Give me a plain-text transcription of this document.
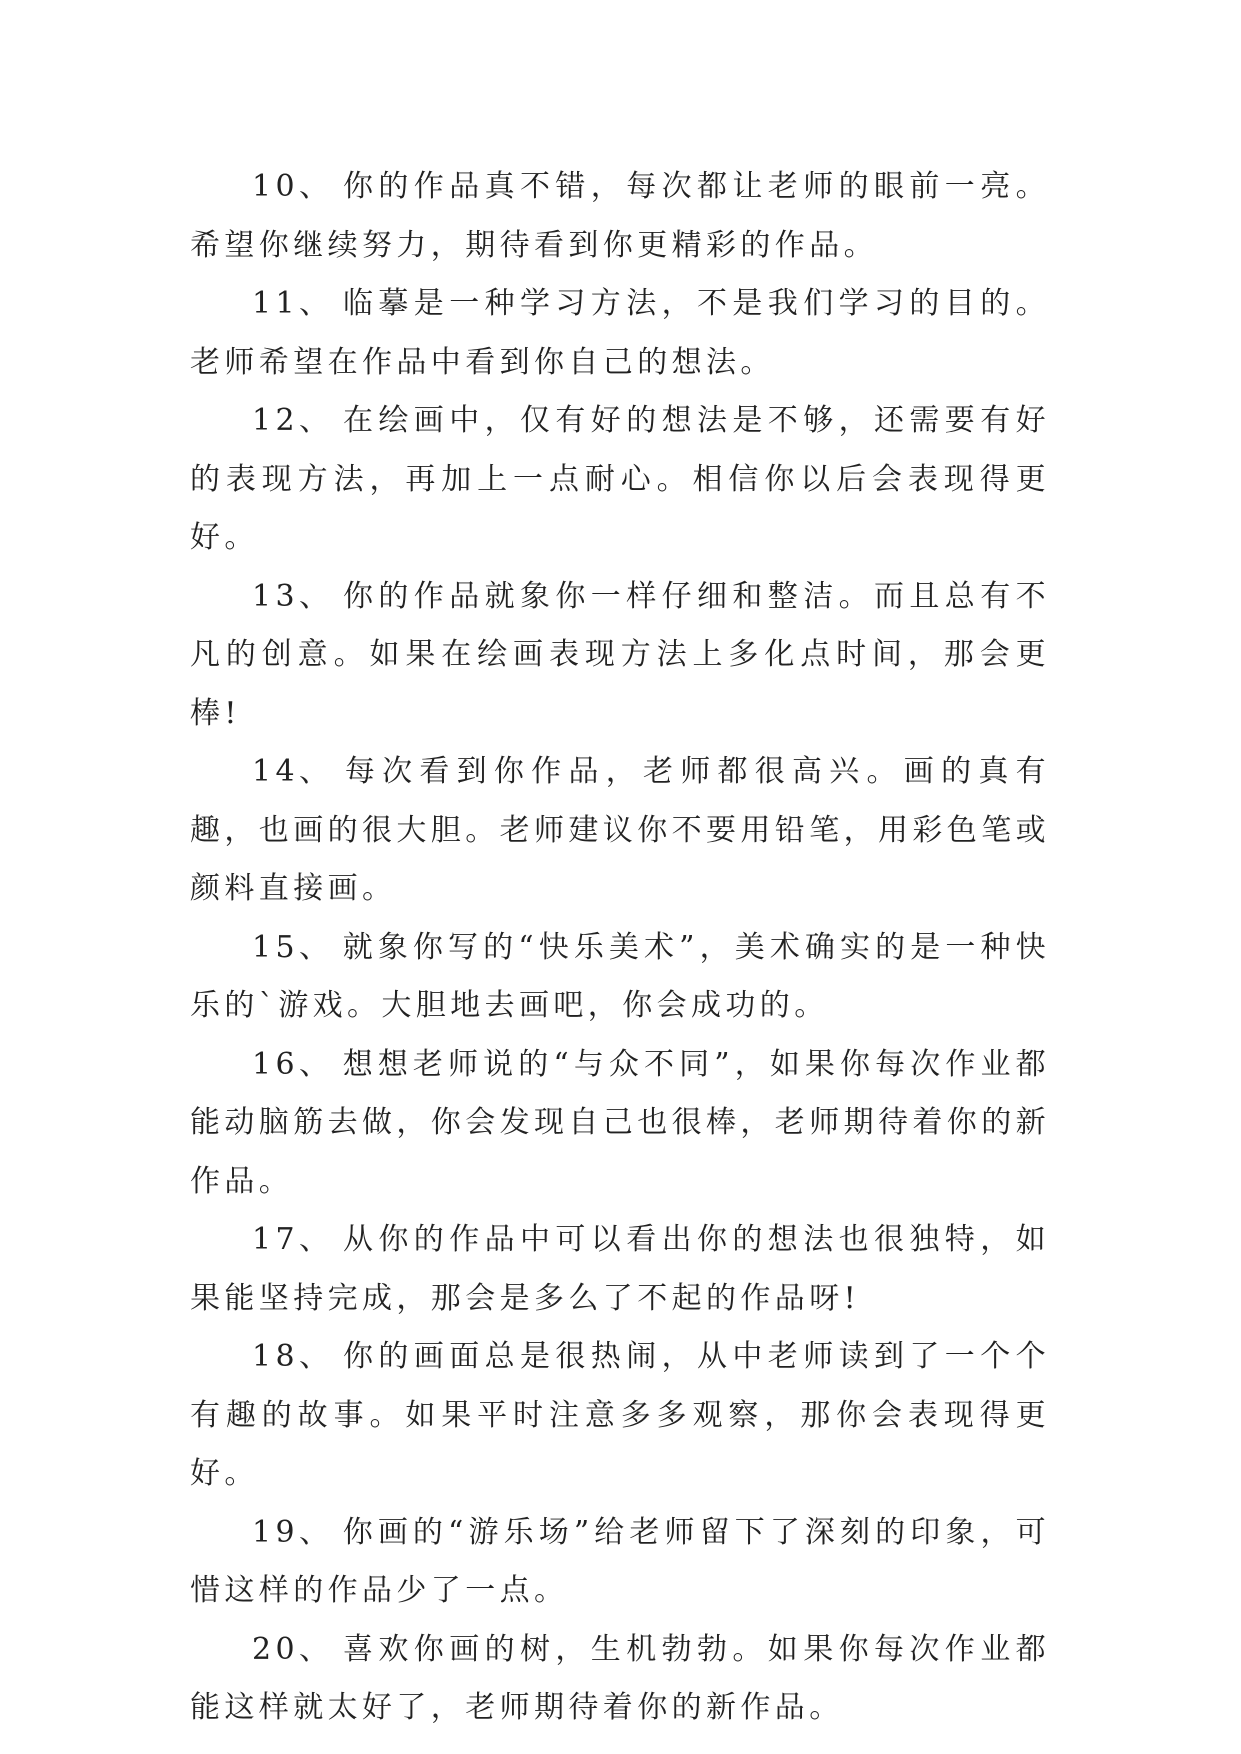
10、 你的作品真不错，每次都让老师的眼前一亮。希望你继续努力，期待看到你更精彩的作品。

11、 临摹是一种学习方法，不是我们学习的目的。老师希望在作品中看到你自己的想法。

12、 在绘画中，仅有好的想法是不够，还需要有好的表现方法，再加上一点耐心。相信你以后会表现得更好。

13、 你的作品就象你一样仔细和整洁。而且总有不凡的创意。如果在绘画表现方法上多化点时间，那会更棒!

14、 每次看到你作品，老师都很高兴。画的真有趣，也画的很大胆。老师建议你不要用铅笔，用彩色笔或颜料直接画。

15、 就象你写的“快乐美术”，美术确实的是一种快乐的`游戏。大胆地去画吧，你会成功的。

16、 想想老师说的“与众不同”，如果你每次作业都能动脑筋去做，你会发现自己也很棒，老师期待着你的新作品。

17、 从你的作品中可以看出你的想法也很独特，如果能坚持完成，那会是多么了不起的作品呀!

18、 你的画面总是很热闹，从中老师读到了一个个有趣的故事。如果平时注意多多观察，那你会表现得更好。

19、 你画的“游乐场”给老师留下了深刻的印象，可惜这样的作品少了一点。

20、 喜欢你画的树，生机勃勃。如果你每次作业都能这样就太好了，老师期待着你的新作品。
